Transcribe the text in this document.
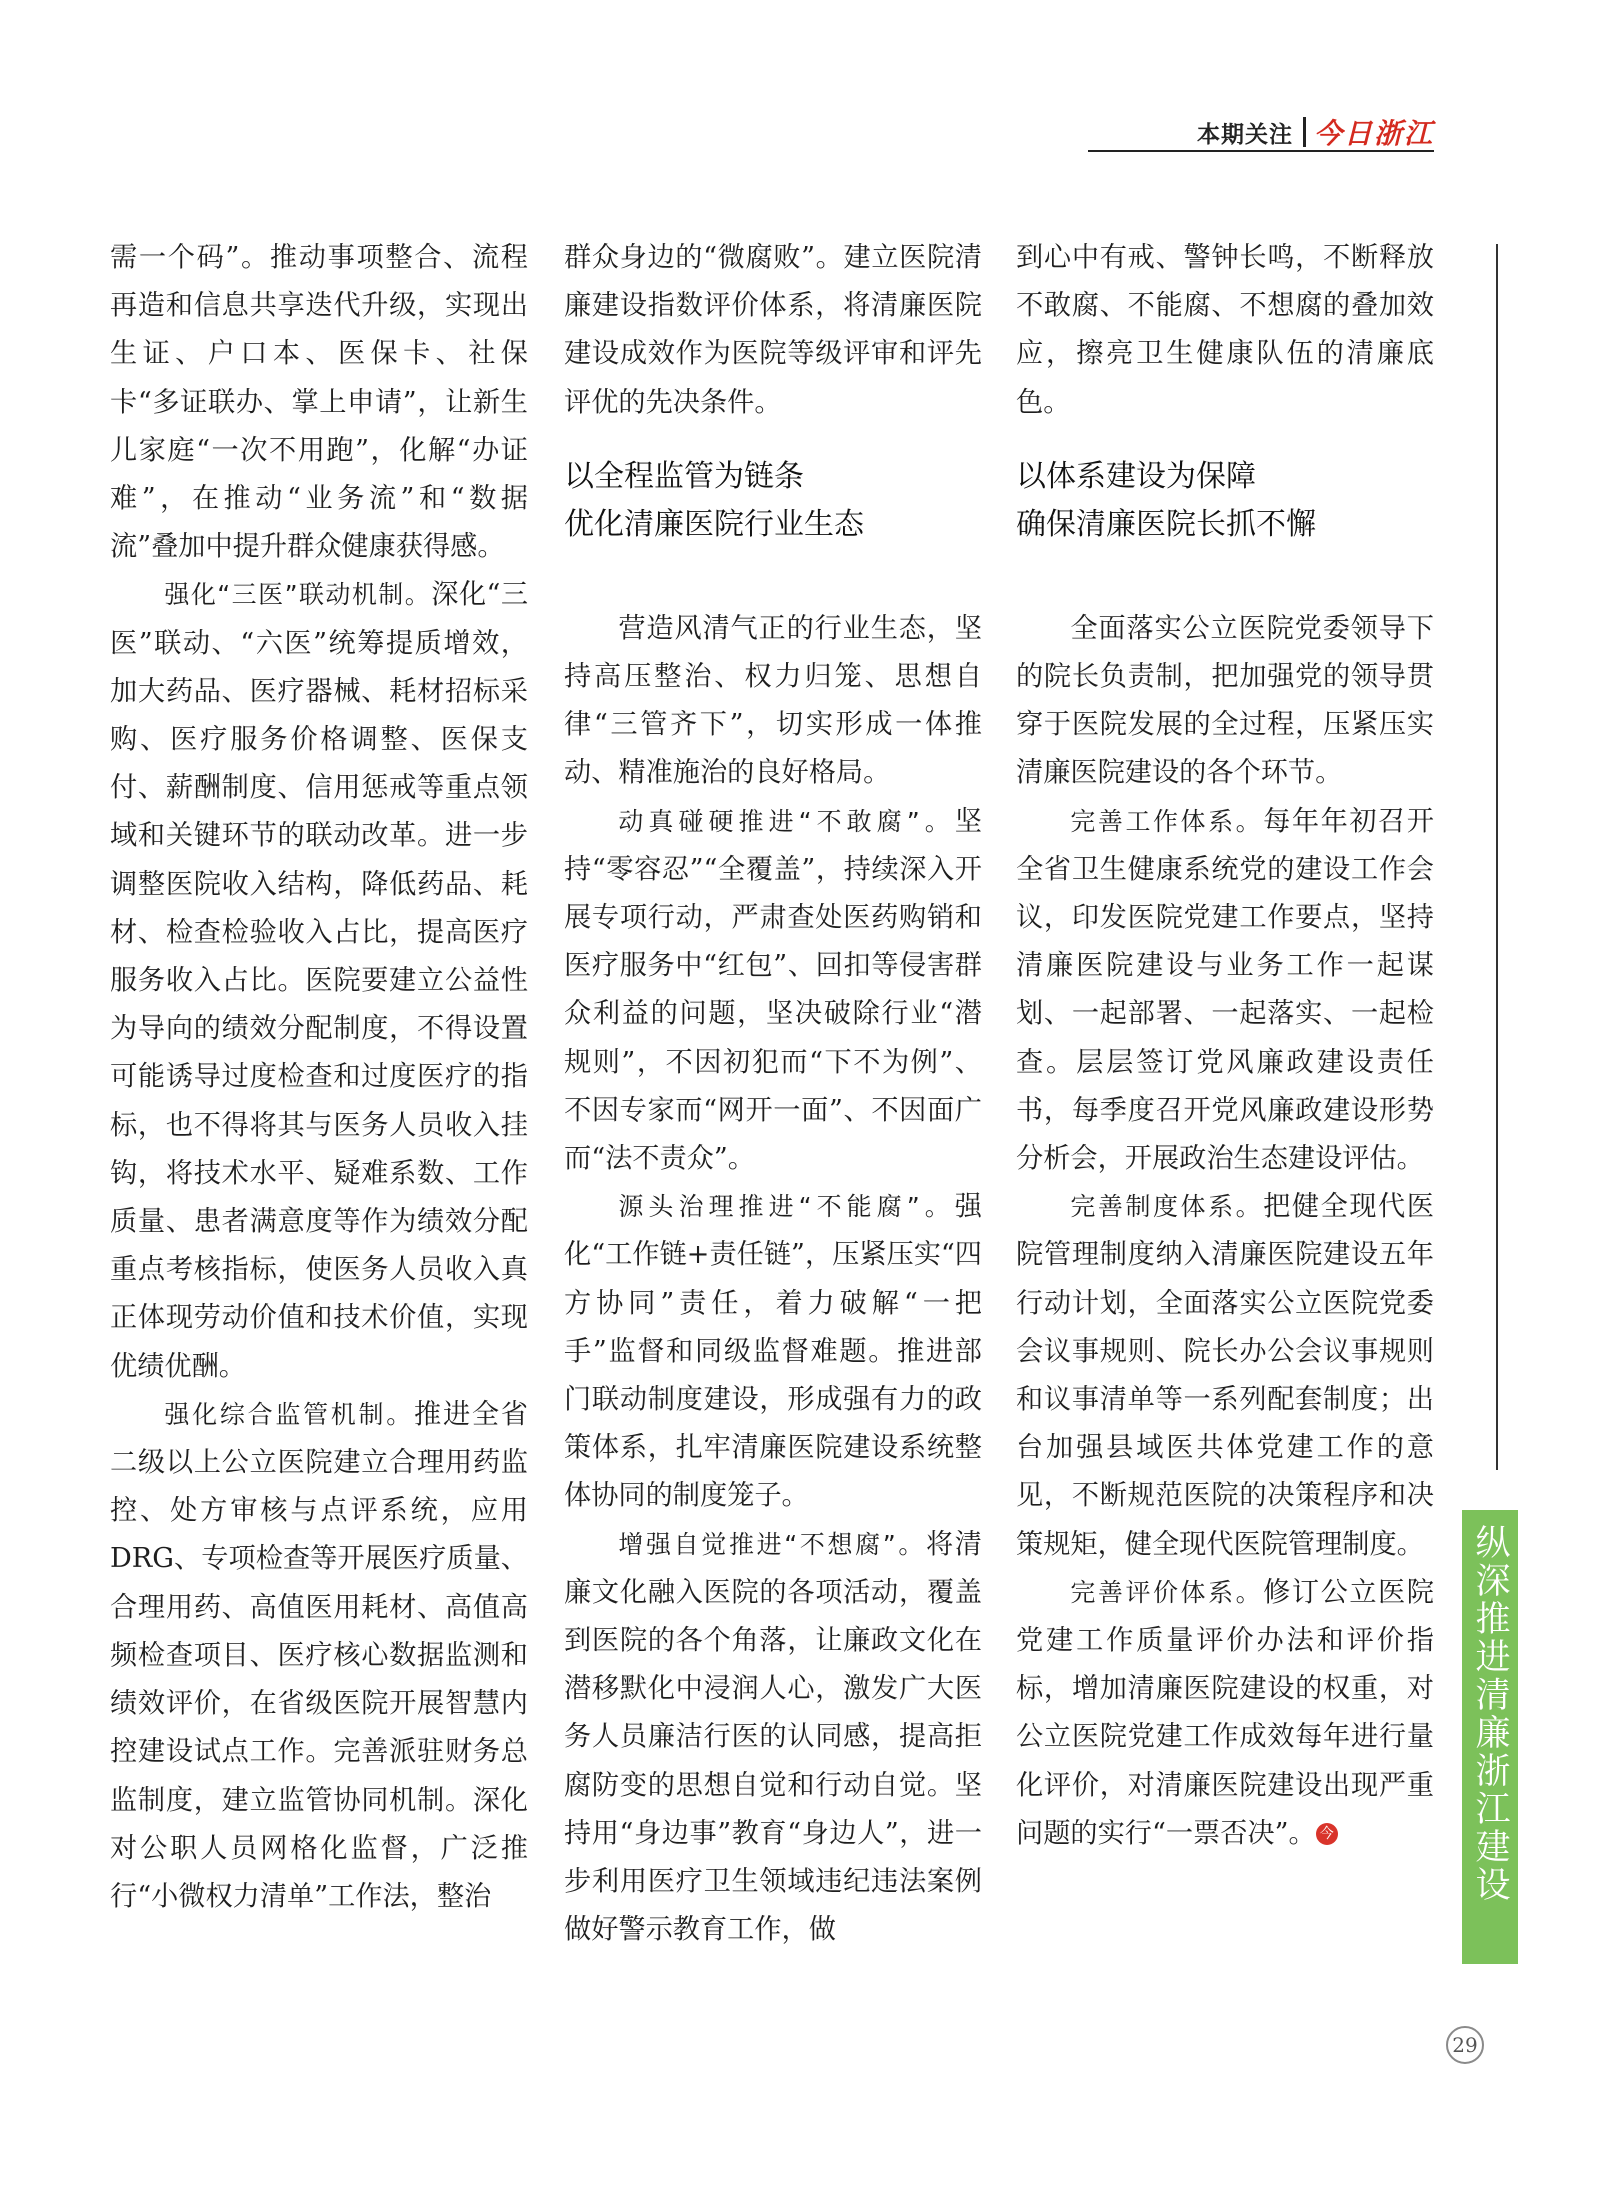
本期关注 今日浙江

需一个码”。推动事项整合、流程再造和信息共享迭代升级，实现出生证、户口本、医保卡、社保卡“多证联办、掌上申请”，让新生儿家庭“一次不用跑”，化解“办证难”，在推动“业务流”和“数据流”叠加中提升群众健康获得感。

强化“三医”联动机制。深化“三医”联动、“六医”统筹提质增效，加大药品、医疗器械、耗材招标采购、医疗服务价格调整、医保支付、薪酬制度、信用惩戒等重点领域和关键环节的联动改革。进一步调整医院收入结构，降低药品、耗材、检查检验收入占比，提高医疗服务收入占比。医院要建立公益性为导向的绩效分配制度，不得设置可能诱导过度检查和过度医疗的指标，也不得将其与医务人员收入挂钩，将技术水平、疑难系数、工作质量、患者满意度等作为绩效分配重点考核指标，使医务人员收入真正体现劳动价值和技术价值，实现优绩优酬。

强化综合监管机制。推进全省二级以上公立医院建立合理用药监控、处方审核与点评系统，应用DRG、专项检查等开展医疗质量、合理用药、高值医用耗材、高值高频检查项目、医疗核心数据监测和绩效评价，在省级医院开展智慧内控建设试点工作。完善派驻财务总监制度，建立监管协同机制。深化对公职人员网格化监督，广泛推行“小微权力清单”工作法，整治

群众身边的“微腐败”。建立医院清廉建设指数评价体系，将清廉医院建设成效作为医院等级评审和评先评优的先决条件。

以全程监管为链条
优化清廉医院行业生态

营造风清气正的行业生态，坚持高压整治、权力归笼、思想自律“三管齐下”，切实形成一体推动、精准施治的良好格局。

动真碰硬推进“不敢腐”。坚持“零容忍”“全覆盖”，持续深入开展专项行动，严肃查处医药购销和医疗服务中“红包”、回扣等侵害群众利益的问题，坚决破除行业“潜规则”，不因初犯而“下不为例”、不因专家而“网开一面”、不因面广而“法不责众”。

源头治理推进“不能腐”。强化“工作链+责任链”，压紧压实“四方协同”责任，着力破解“一把手”监督和同级监督难题。推进部门联动制度建设，形成强有力的政策体系，扎牢清廉医院建设系统整体协同的制度笼子。

增强自觉推进“不想腐”。将清廉文化融入医院的各项活动，覆盖到医院的各个角落，让廉政文化在潜移默化中浸润人心，激发广大医务人员廉洁行医的认同感，提高拒腐防变的思想自觉和行动自觉。坚持用“身边事”教育“身边人”，进一步利用医疗卫生领域违纪违法案例做好警示教育工作，做

到心中有戒、警钟长鸣，不断释放不敢腐、不能腐、不想腐的叠加效应，擦亮卫生健康队伍的清廉底色。

以体系建设为保障
确保清廉医院长抓不懈

全面落实公立医院党委领导下的院长负责制，把加强党的领导贯穿于医院发展的全过程，压紧压实清廉医院建设的各个环节。

完善工作体系。每年年初召开全省卫生健康系统党的建设工作会议，印发医院党建工作要点，坚持清廉医院建设与业务工作一起谋划、一起部署、一起落实、一起检查。层层签订党风廉政建设责任书，每季度召开党风廉政建设形势分析会，开展政治生态建设评估。

完善制度体系。把健全现代医院管理制度纳入清廉医院建设五年行动计划，全面落实公立医院党委会议事规则、院长办公会议事规则和议事清单等一系列配套制度；出台加强县域医共体党建工作的意见，不断规范医院的决策程序和决策规矩，健全现代医院管理制度。

完善评价体系。修订公立医院党建工作质量评价办法和评价指标，增加清廉医院建设的权重，对公立医院党建工作成效每年进行量化评价，对清廉医院建设出现严重问题的实行“一票否决”。 今	纵深推进清廉浙江建设
29
